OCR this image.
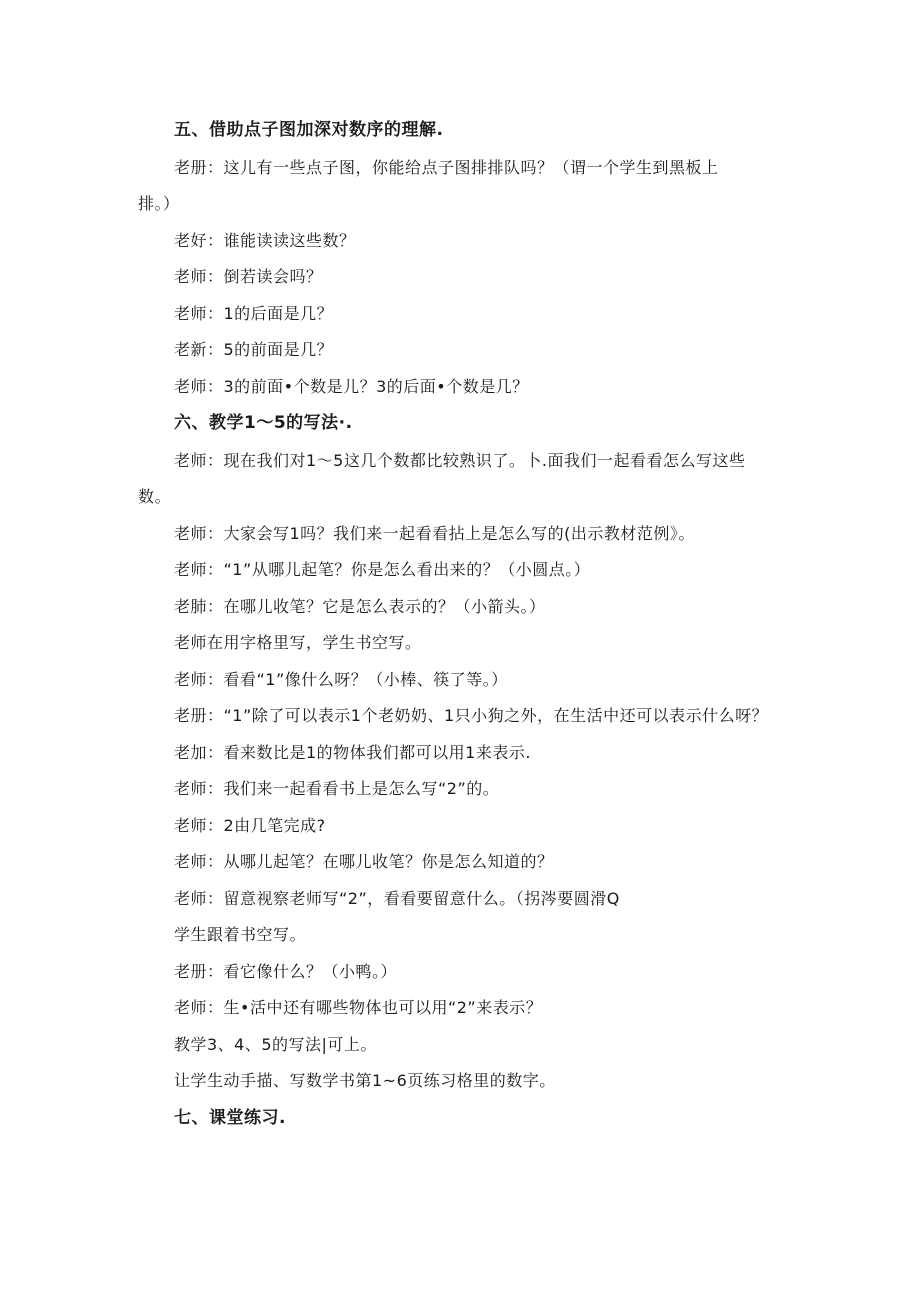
五、借助点子图加深对数序的理解.
老册：这儿有一些点子图，你能给点子图排排队吗？（谓一个学生到黑板上
排。）
老好：谁能读读这些数？
老师：倒若读会吗？
老师：1的后面是几？
老新：5的前面是几？
老师：3的前面•个数是儿？3的后面•个数是几？
六、教学1〜5的写法·.
老师：现在我们对1～5这几个数都比较熟识了。卜.面我们一起看看怎么写这些
数。
老师：大家会写1吗？我们来一起看看拈上是怎么写的(出示教材范例》。
老师：“1”从哪儿起笔？你是怎么看出来的？（小圆点。）
老肺：在哪儿收笔？它是怎么表示的？（小箭头。）
老师在用字格里写，学生书空写。
老师：看看“1”像什么呀？（小棒、筷了等。）
老册：“1”除了可以表示1个老奶奶、1只小狗之外，在生活中还可以表示什么呀？
老加：看来数比是1的物体我们都可以用1来表示.
老师：我们来一起看看书上是怎么写“2”的。
老师：2由几笔完成?
老师：从哪儿起笔？在哪儿收笔？你是怎么知道的？
老师：留意视察老师写“2”，看看要留意什么。（拐涔要圆滑Q
学生跟着书空写。
老册：看它像什么？（小鸭。）
老师：生•活中还有哪些物体也可以用“2”来表示？
教学3、4、5的写法|可上。
让学生动手描、写数学书第1~6页练习格里的数字。
七、课堂练习.
